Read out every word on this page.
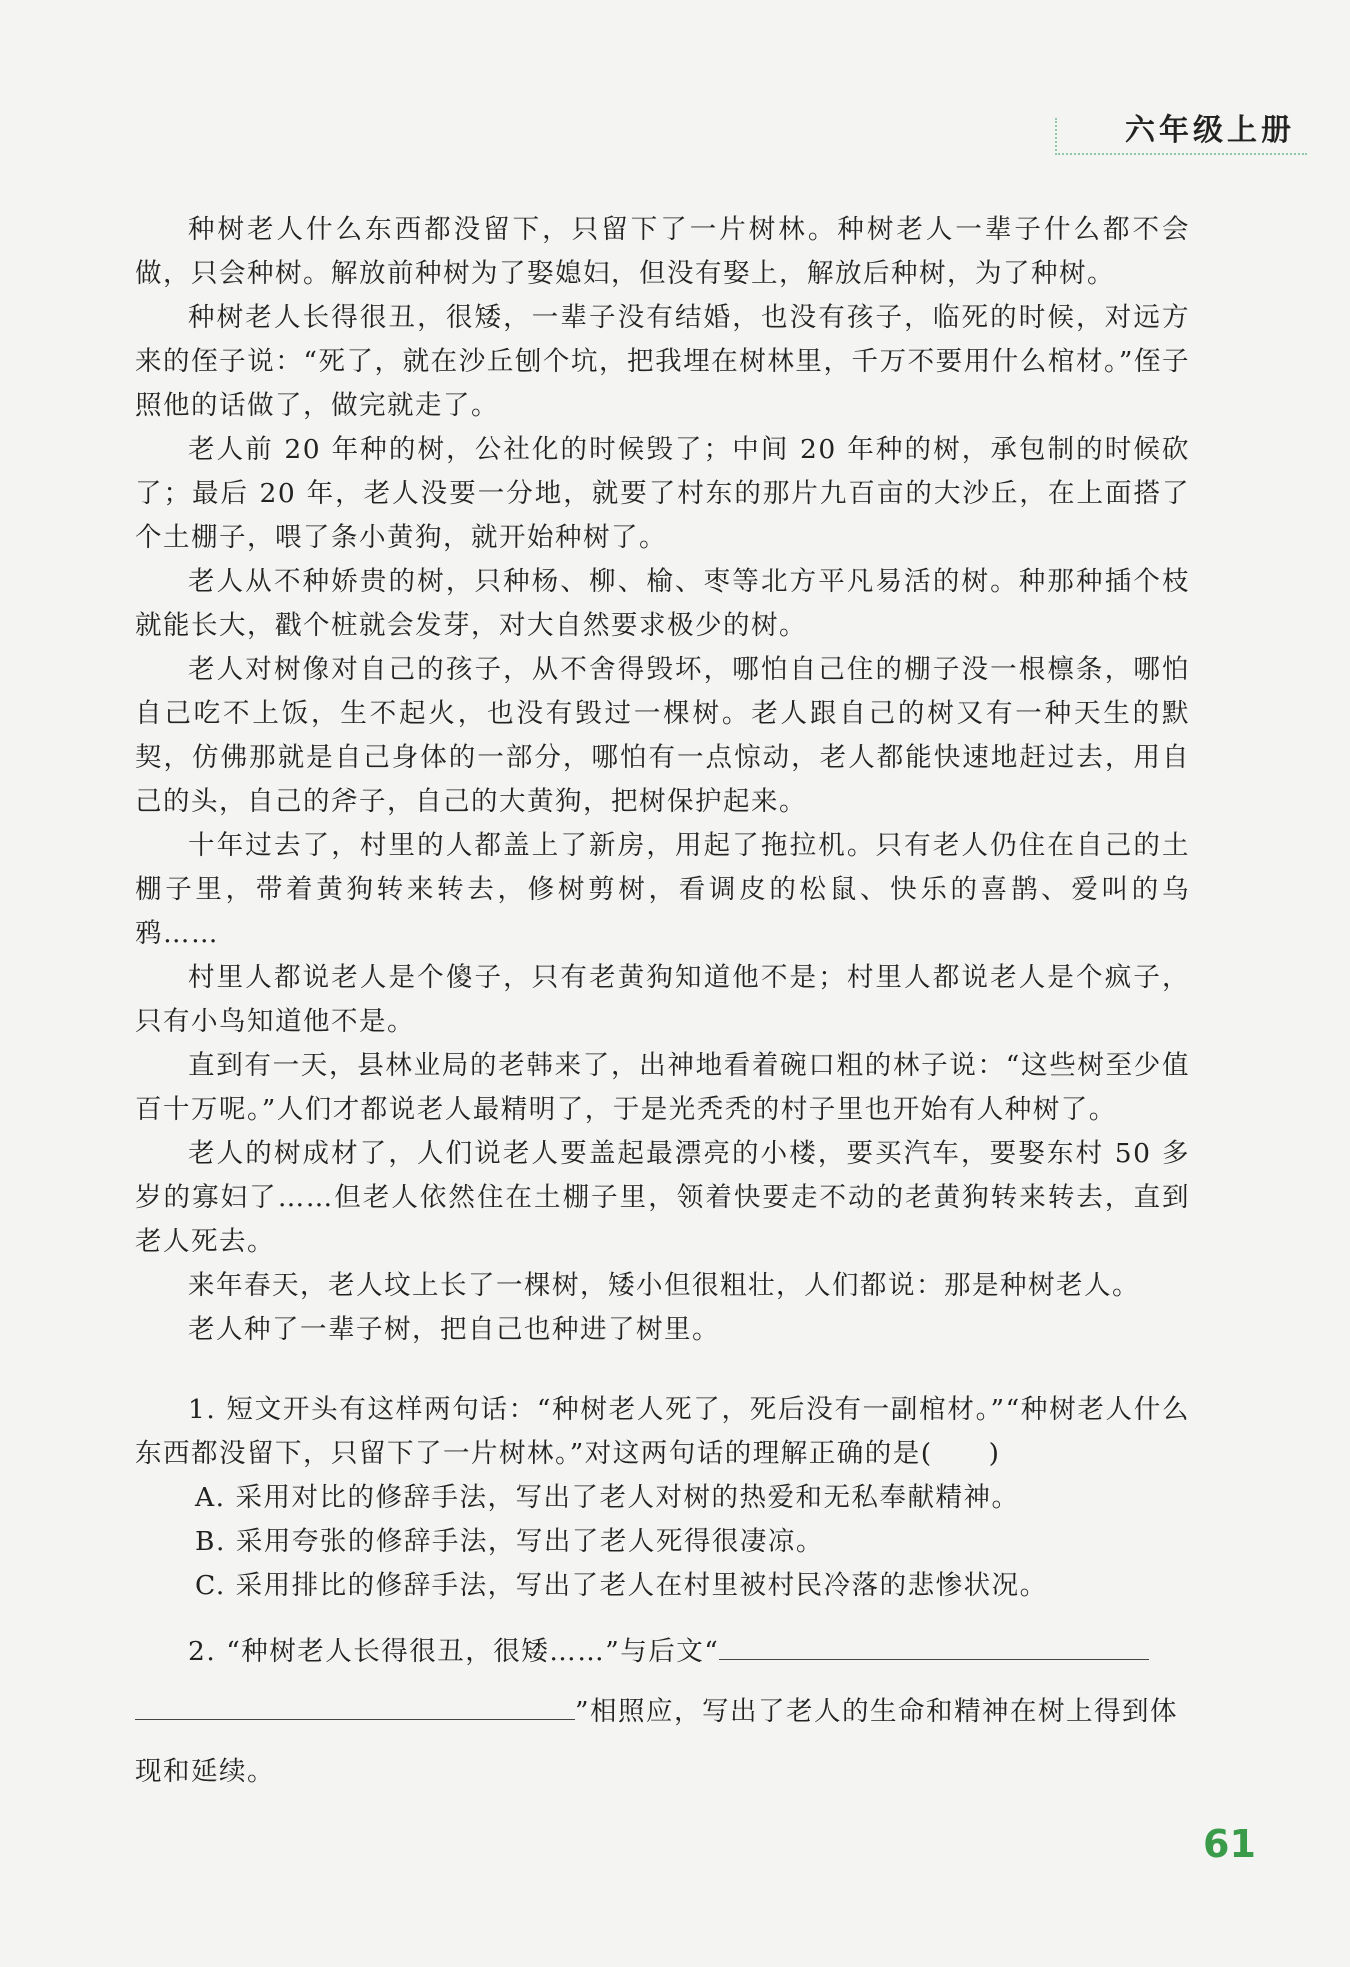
六年级上册

种树老人什么东西都没留下，只留下了一片树林。种树老人一辈子什么都不会做，只会种树。解放前种树为了娶媳妇，但没有娶上，解放后种树，为了种树。

种树老人长得很丑，很矮，一辈子没有结婚，也没有孩子，临死的时候，对远方来的侄子说：“死了，就在沙丘刨个坑，把我埋在树林里，千万不要用什么棺材。”侄子照他的话做了，做完就走了。

老人前 20 年种的树，公社化的时候毁了；中间 20 年种的树，承包制的时候砍了；最后 20 年，老人没要一分地，就要了村东的那片九百亩的大沙丘，在上面搭了个土棚子，喂了条小黄狗，就开始种树了。

老人从不种娇贵的树，只种杨、柳、榆、枣等北方平凡易活的树。种那种插个枝就能长大，戳个桩就会发芽，对大自然要求极少的树。

老人对树像对自己的孩子，从不舍得毁坏，哪怕自己住的棚子没一根檩条，哪怕自己吃不上饭，生不起火，也没有毁过一棵树。老人跟自己的树又有一种天生的默契，仿佛那就是自己身体的一部分，哪怕有一点惊动，老人都能快速地赶过去，用自己的头，自己的斧子，自己的大黄狗，把树保护起来。

十年过去了，村里的人都盖上了新房，用起了拖拉机。只有老人仍住在自己的土棚子里，带着黄狗转来转去，修树剪树，看调皮的松鼠、快乐的喜鹊、爱叫的乌鸦……

村里人都说老人是个傻子，只有老黄狗知道他不是；村里人都说老人是个疯子，只有小鸟知道他不是。

直到有一天，县林业局的老韩来了，出神地看着碗口粗的林子说：“这些树至少值百十万呢。”人们才都说老人最精明了，于是光秃秃的村子里也开始有人种树了。

老人的树成材了，人们说老人要盖起最漂亮的小楼，要买汽车，要娶东村 50 多岁的寡妇了……但老人依然住在土棚子里，领着快要走不动的老黄狗转来转去，直到老人死去。

来年春天，老人坟上长了一棵树，矮小但很粗壮，人们都说：那是种树老人。

老人种了一辈子树，把自己也种进了树里。

1. 短文开头有这样两句话：“种树老人死了，死后没有一副棺材。”“种树老人什么东西都没留下，只留下了一片树林。”对这两句话的理解正确的是(　　)

A. 采用对比的修辞手法，写出了老人对树的热爱和无私奉献精神。
B. 采用夸张的修辞手法，写出了老人死得很凄凉。
C. 采用排比的修辞手法，写出了老人在村里被村民冷落的悲惨状况。
2. “种树老人长得很丑，很矮……”与后文“”相照应，写出了老人的生命和精神在树上得到体现和延续。
61
